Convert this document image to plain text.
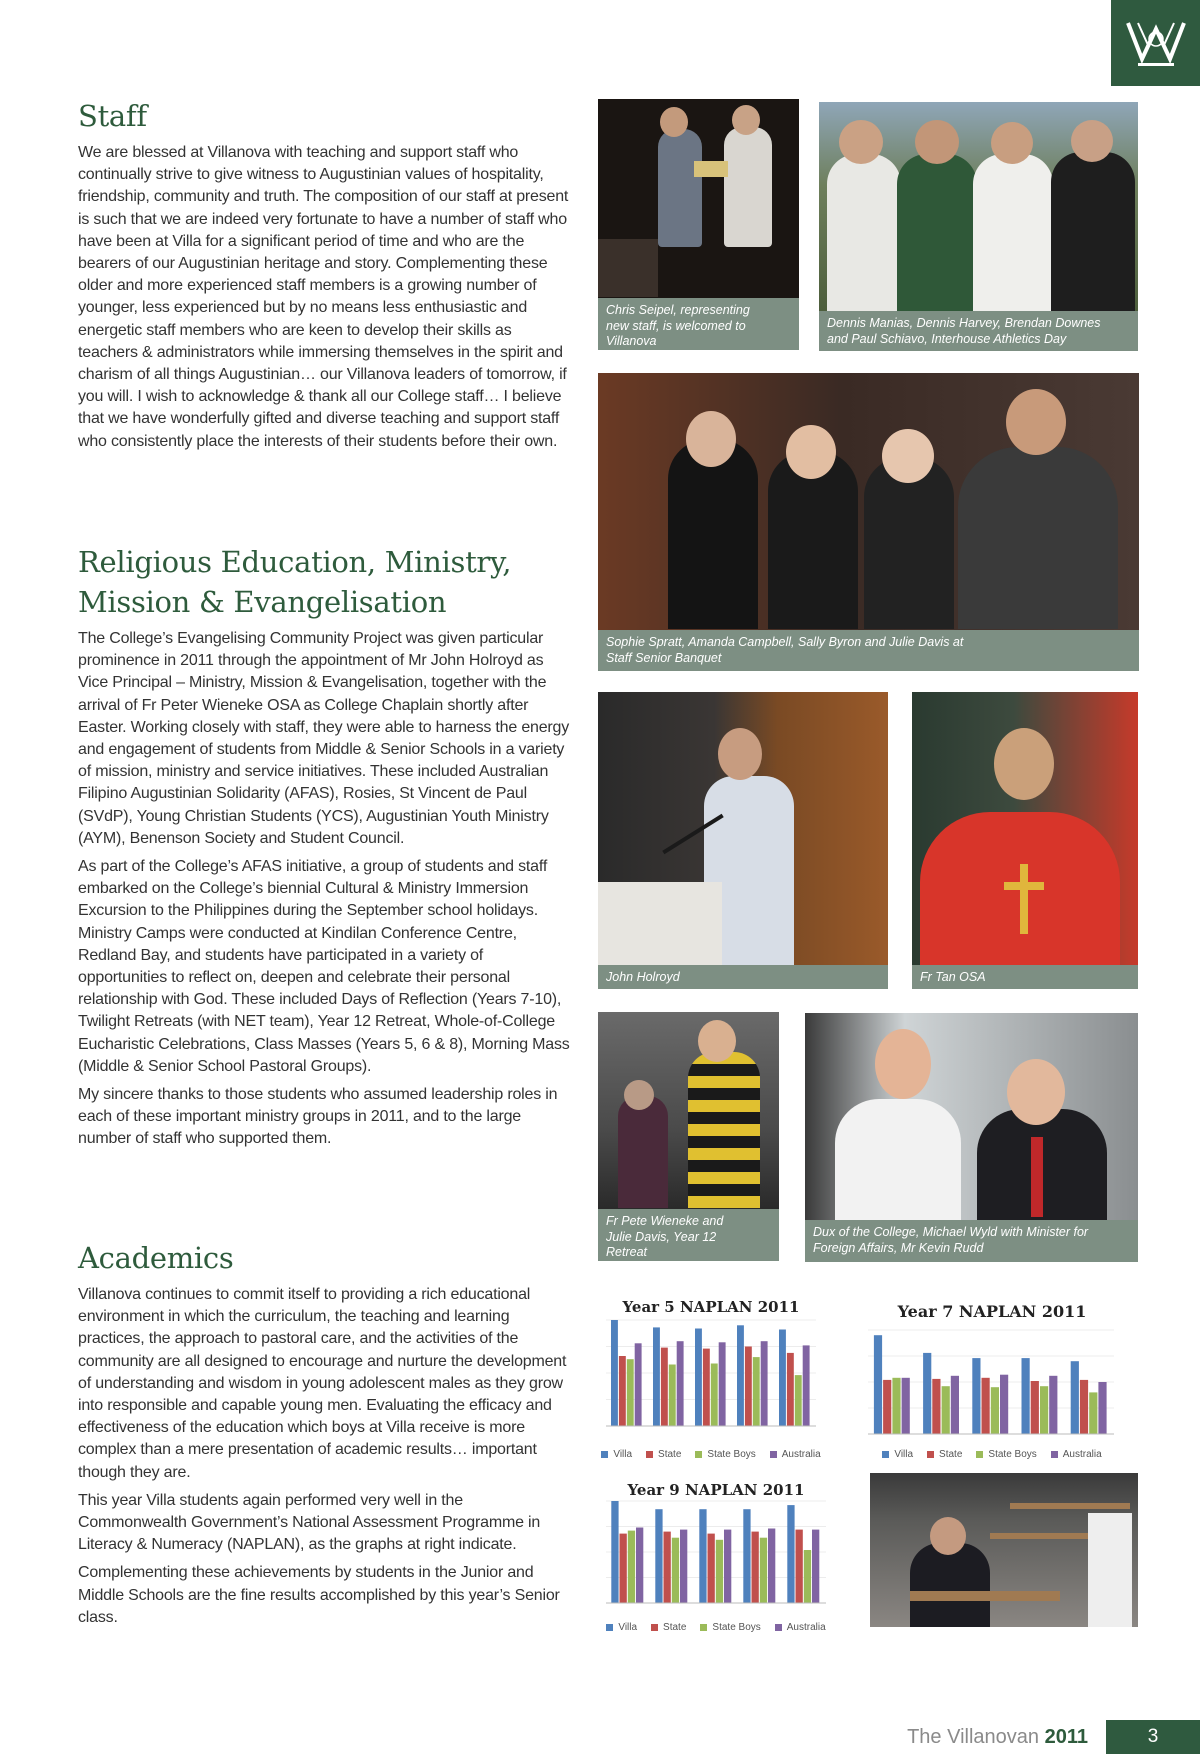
Staff

We are blessed at Villanova with teaching and support staff who continually strive to give witness to Augustinian values of hospitality, friendship, community and truth. The composition of our staff at present is such that we are indeed very fortunate to have a number of staff who have been at Villa for a significant period of time and who are the bearers of our Augustinian heritage and story. Complementing these older and more experienced staff members is a growing number of younger, less experienced but by no means less enthusiastic and energetic staff members who are keen to develop their skills as teachers & administrators while immersing themselves in the spirit and charism of all things Augustinian… our Villanova leaders of tomorrow, if you will. I wish to acknowledge & thank all our College staff… I believe that we have wonderfully gifted and diverse teaching and support staff who consistently place the interests of their students before their own.

Religious Education, Ministry,
Mission & Evangelisation

The College’s Evangelising Community Project was given particular prominence in 2011 through the appointment of Mr John Holroyd as Vice Principal – Ministry, Mission & Evangelisation, together with the arrival of Fr Peter Wieneke OSA as College Chaplain shortly after Easter. Working closely with staff, they were able to harness the energy and engagement of students from Middle & Senior Schools in a variety of mission, ministry and service initiatives. These included Australian Filipino Augustinian Solidarity (AFAS), Rosies, St Vincent de Paul (SVdP), Young Christian Students (YCS), Augustinian Youth Ministry (AYM), Benenson Society and Student Council.

As part of the College’s AFAS initiative, a group of students and staff embarked on the College’s biennial Cultural & Ministry Immersion Excursion to the Philippines during the September school holidays. Ministry Camps were conducted at Kindilan Conference Centre, Redland Bay, and students have participated in a variety of opportunities to reflect on, deepen and celebrate their personal relationship with God. These included Days of Reflection (Years 7-10), Twilight Retreats (with NET team), Year 12 Retreat, Whole-of-College Eucharistic Celebrations, Class Masses (Years 5, 6 & 8), Morning Mass (Middle & Senior School Pastoral Groups).

My sincere thanks to those students who assumed leadership roles in each of these important ministry groups in 2011, and to the large number of staff who supported them.

Academics

Villanova continues to commit itself to providing a rich educational environment in which the curriculum, the teaching and learning practices, the approach to pastoral care, and the activities of the community are all designed to encourage and nurture the development of understanding and wisdom in young adolescent males as they grow into responsible and capable young men. Evaluating the efficacy and effectiveness of the education which boys at Villa receive is more complex than a mere presentation of academic results… important though they are.

This year Villa students again performed very well in the Commonwealth Government’s National Assessment Programme in Literacy & Numeracy (NAPLAN), as the graphs at right indicate.

Complementing these achievements by students in the Junior and Middle Schools are the fine results accomplished by this year’s Senior class.

Chris Seipel, representing
new staff, is welcomed to
Villanova
Dennis Manias, Dennis Harvey, Brendan Downes
and Paul Schiavo, Interhouse Athletics Day
Sophie Spratt, Amanda Campbell, Sally Byron and Julie Davis at
Staff Senior Banquet
John Holroyd	Fr Tan OSA
Fr Pete Wieneke and
Julie Davis, Year 12
Retreat
Dux of the College, Michael Wyld with Minister for
Foreign Affairs, Mr Kevin Rudd
Year 5 NAPLAN 2011
Villa	State	State Boys	Australia
Year 7 NAPLAN 2011
Villa	State	State Boys	Australia
Year 9 NAPLAN 2011
Villa	State	State Boys	Australia
The Villanovan 2011	3
